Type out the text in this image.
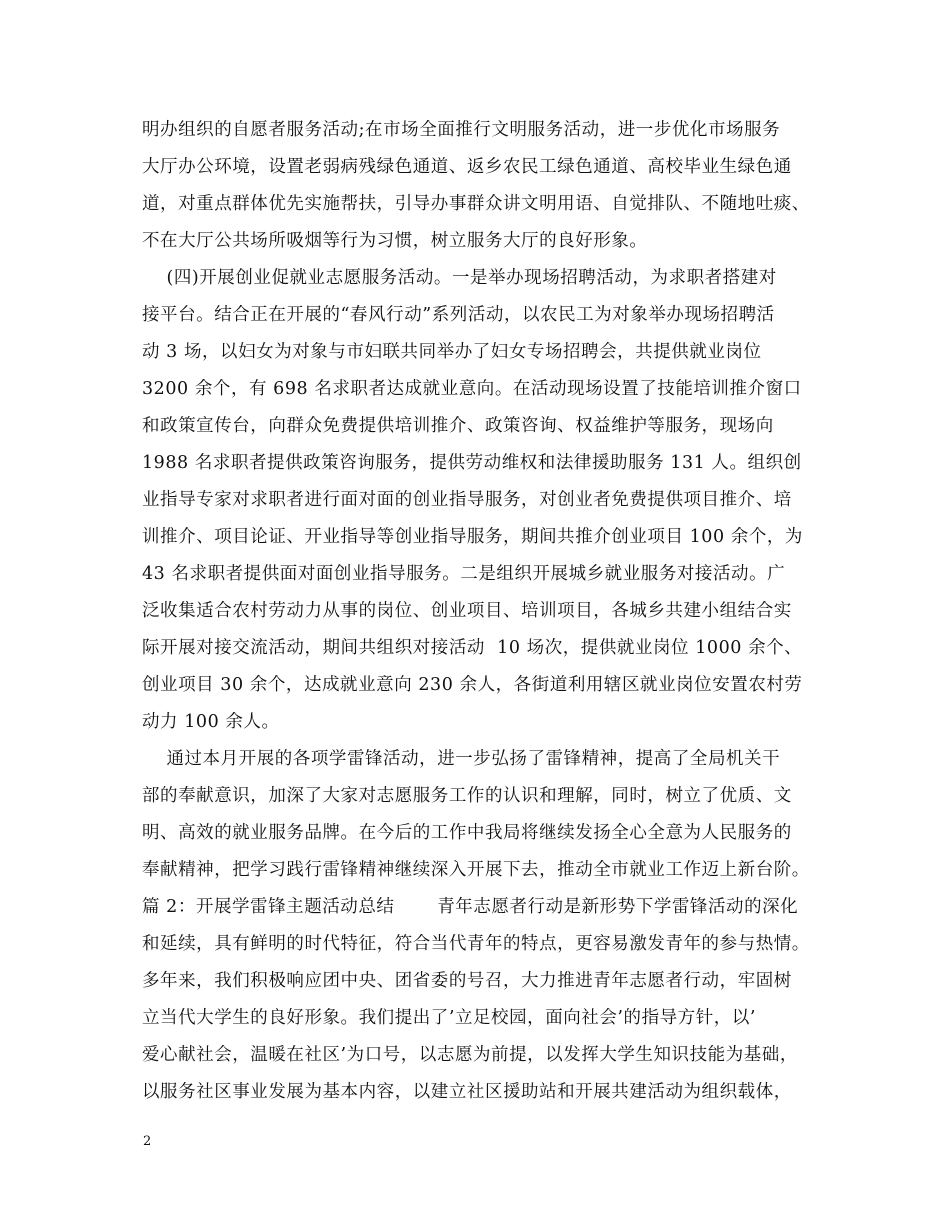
明办组织的自愿者服务活动;在市场全面推行文明服务活动，进一步优化市场服务
大厅办公环境，设置老弱病残绿色通道、返乡农民工绿色通道、高校毕业生绿色通
道，对重点群体优先实施帮扶，引导办事群众讲文明用语、自觉排队、不随地吐痰、
不在大厅公共场所吸烟等行为习惯，树立服务大厅的良好形象。
(四)开展创业促就业志愿服务活动。一是举办现场招聘活动，为求职者搭建对
接平台。结合正在开展的“春风行动”系列活动，以农民工为对象举办现场招聘活
动 3 场，以妇女为对象与市妇联共同举办了妇女专场招聘会，共提供就业岗位
3200 余个，有 698 名求职者达成就业意向。在活动现场设置了技能培训推介窗口
和政策宣传台，向群众免费提供培训推介、政策咨询、权益维护等服务，现场向
1988 名求职者提供政策咨询服务，提供劳动维权和法律援助服务 131 人。组织创
业指导专家对求职者进行面对面的创业指导服务，对创业者免费提供项目推介、培
训推介、项目论证、开业指导等创业指导服务，期间共推介创业项目 100 余个，为
43 名求职者提供面对面创业指导服务。二是组织开展城乡就业服务对接活动。广
泛收集适合农村劳动力从事的岗位、创业项目、培训项目，各城乡共建小组结合实
际开展对接交流活动，期间共组织对接活动  10 场次，提供就业岗位 1000 余个、
创业项目 30 余个，达成就业意向 230 余人，各街道利用辖区就业岗位安置农村劳
动力 100 余人。
通过本月开展的各项学雷锋活动，进一步弘扬了雷锋精神，提高了全局机关干
部的奉献意识，加深了大家对志愿服务工作的认识和理解，同时，树立了优质、文
明、高效的就业服务品牌。在今后的工作中我局将继续发扬全心全意为人民服务的
奉献精神，把学习践行雷锋精神继续深入开展下去，推动全市就业工作迈上新台阶。
篇 2：开展学雷锋主题活动总结       青年志愿者行动是新形势下学雷锋活动的深化
和延续，具有鲜明的时代特征，符合当代青年的特点，更容易激发青年的参与热情。
多年来，我们积极响应团中央、团省委的号召，大力推进青年志愿者行动，牢固树
立当代大学生的良好形象。我们提出了’立足校园，面向社会’的指导方针，以’
爱心献社会，温暖在社区’为口号，以志愿为前提，以发挥大学生知识技能为基础，
以服务社区事业发展为基本内容，以建立社区援助站和开展共建活动为组织载体，
2
